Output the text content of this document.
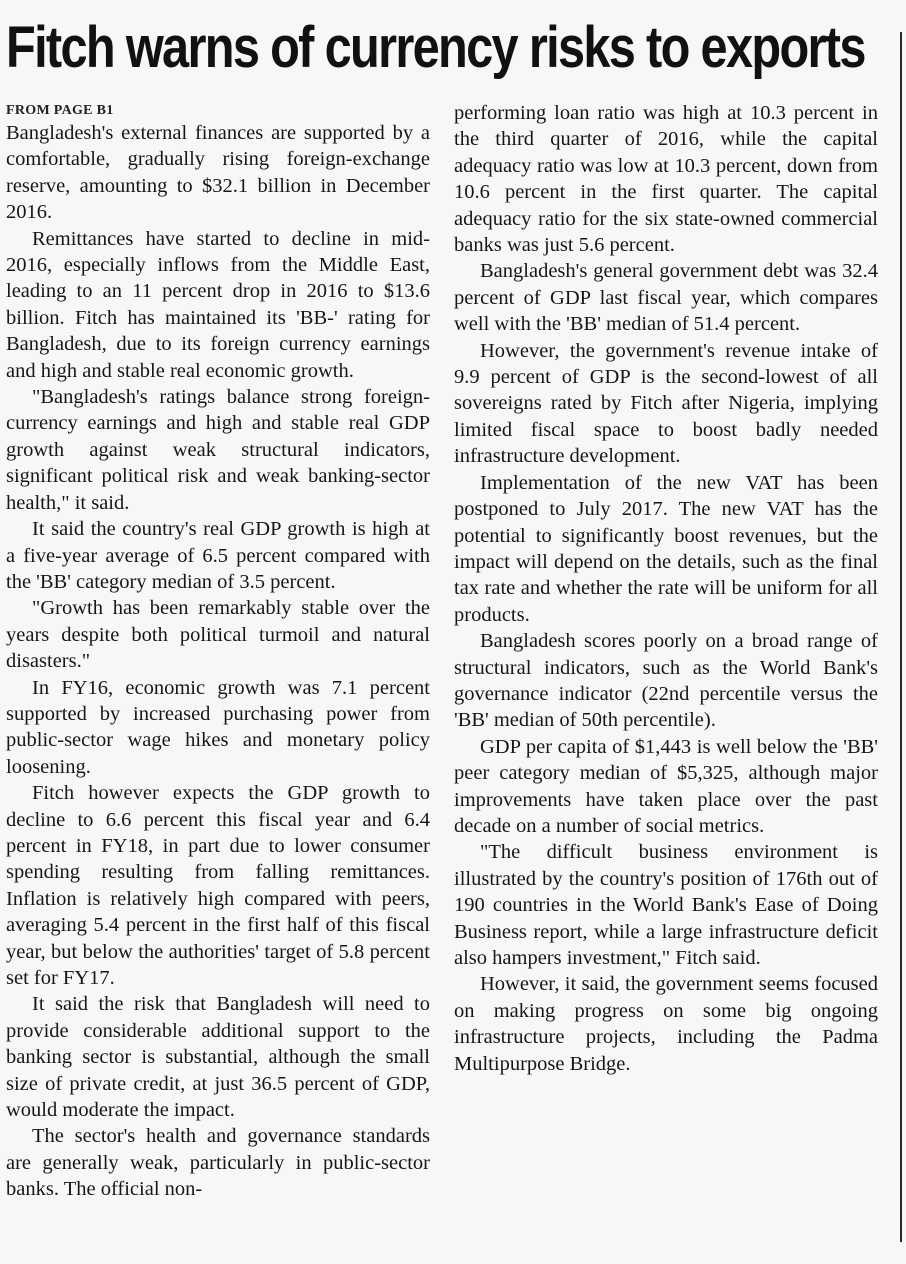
Fitch warns of currency risks to exports
FROM PAGE B1

Bangladesh's external finances are supported by a comfortable, gradually rising foreign-exchange reserve, amounting to $32.1 billion in December 2016.

Remittances have started to decline in mid-2016, especially inflows from the Middle East, leading to an 11 percent drop in 2016 to $13.6 billion. Fitch has maintained its 'BB-' rating for Bangladesh, due to its foreign currency earnings and high and stable real economic growth.

"Bangladesh's ratings balance strong foreign-currency earnings and high and stable real GDP growth against weak structural indicators, significant political risk and weak banking-sector health," it said.

It said the country's real GDP growth is high at a five-year average of 6.5 percent compared with the 'BB' category median of 3.5 percent.

"Growth has been remarkably stable over the years despite both political turmoil and natural disasters."

In FY16, economic growth was 7.1 percent supported by increased purchasing power from public-sector wage hikes and monetary policy loosening.

Fitch however expects the GDP growth to decline to 6.6 percent this fiscal year and 6.4 percent in FY18, in part due to lower consumer spending resulting from falling remittances. Inflation is relatively high compared with peers, averaging 5.4 percent in the first half of this fiscal year, but below the authorities' target of 5.8 percent set for FY17.

It said the risk that Bangladesh will need to provide considerable additional support to the banking sector is substantial, although the small size of private credit, at just 36.5 percent of GDP, would moderate the impact.

The sector's health and governance standards are generally weak, particularly in public-sector banks. The official non-

performing loan ratio was high at 10.3 percent in the third quarter of 2016, while the capital adequacy ratio was low at 10.3 percent, down from 10.6 percent in the first quarter. The capital adequacy ratio for the six state-owned commercial banks was just 5.6 percent.

Bangladesh's general government debt was 32.4 percent of GDP last fiscal year, which compares well with the 'BB' median of 51.4 percent.

However, the government's revenue intake of 9.9 percent of GDP is the second-lowest of all sovereigns rated by Fitch after Nigeria, implying limited fiscal space to boost badly needed infrastructure development.

Implementation of the new VAT has been postponed to July 2017. The new VAT has the potential to significantly boost revenues, but the impact will depend on the details, such as the final tax rate and whether the rate will be uniform for all products.

Bangladesh scores poorly on a broad range of structural indicators, such as the World Bank's governance indicator (22nd percentile versus the 'BB' median of 50th percentile).

GDP per capita of $1,443 is well below the 'BB' peer category median of $5,325, although major improvements have taken place over the past decade on a number of social metrics.

"The difficult business environment is illustrated by the country's position of 176th out of 190 countries in the World Bank's Ease of Doing Business report, while a large infrastructure deficit also hampers investment," Fitch said.

However, it said, the government seems focused on making progress on some big ongoing infrastructure projects, including the Padma Multipurpose Bridge.
